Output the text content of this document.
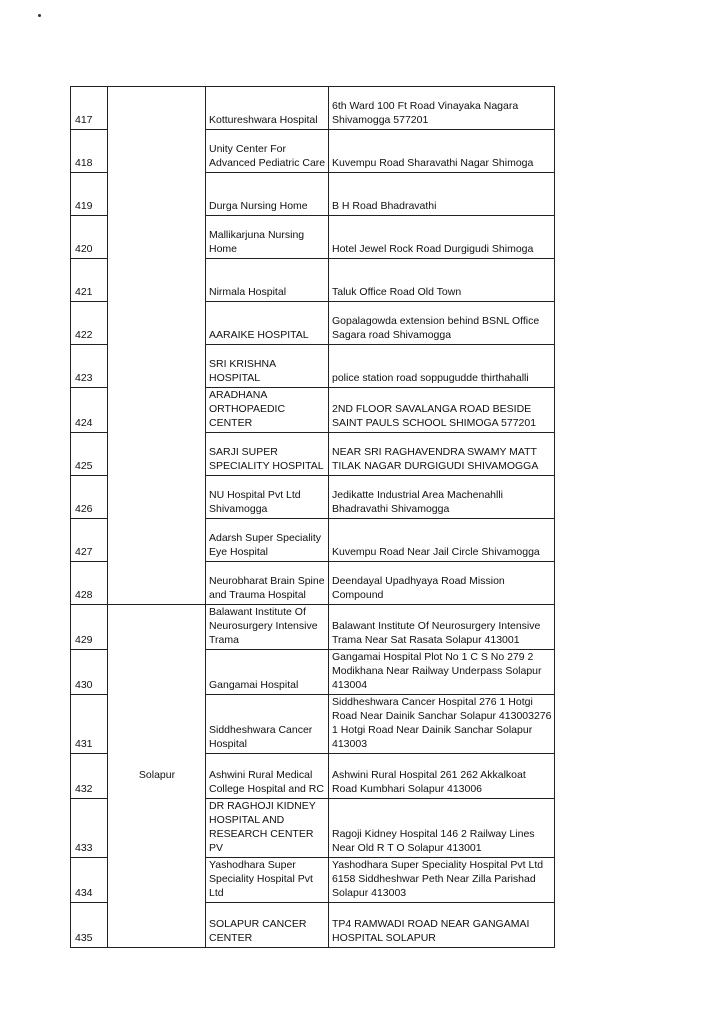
417		Kottureshwara Hospital	6th Ward 100 Ft Road Vinayaka Nagara Shivamogga 577201
418		Unity Center For Advanced Pediatric Care	Kuvempu Road Sharavathi Nagar Shimoga
419		Durga Nursing Home	B H Road Bhadravathi
420		Mallikarjuna Nursing Home	Hotel Jewel Rock Road Durgigudi Shimoga
421		Nirmala Hospital	Taluk Office Road Old Town
422		AARAIKE HOSPITAL	Gopalagowda extension behind BSNL Office Sagara road Shivamogga
423		SRI KRISHNA HOSPITAL	police station road soppugudde thirthahalli
424		ARADHANA ORTHOPAEDIC CENTER	2ND FLOOR SAVALANGA ROAD BESIDE SAINT PAULS SCHOOL SHIMOGA 577201
425		SARJI SUPER SPECIALITY HOSPITAL	NEAR SRI RAGHAVENDRA SWAMY MATT TILAK NAGAR DURGIGUDI SHIVAMOGGA
426		NU Hospital Pvt Ltd Shivamogga	Jedikatte Industrial Area Machenahlli Bhadravathi Shivamogga
427		Adarsh Super Speciality Eye Hospital	Kuvempu Road Near Jail Circle Shivamogga
428		Neurobharat Brain Spine and Trauma Hospital	Deendayal Upadhyaya Road Mission Compound
429	Solapur	Balawant Institute Of Neurosurgery Intensive Trama	Balawant Institute Of Neurosurgery Intensive Trama Near Sat Rasata Solapur 413001
430		Gangamai Hospital	Gangamai Hospital Plot No 1 C S No 279 2 Modikhana Near Railway Underpass Solapur 413004
431		Siddheshwara Cancer Hospital	Siddheshwara Cancer Hospital 276 1 Hotgi Road Near Dainik Sanchar Solapur 413003276 1 Hotgi Road Near Dainik Sanchar Solapur 413003
432		Ashwini Rural Medical College Hospital and RC	Ashwini Rural Hospital 261 262 Akkalkoat Road Kumbhari Solapur 413006
433		DR RAGHOJI KIDNEY HOSPITAL AND RESEARCH CENTER PV	Ragoji Kidney Hospital 146 2 Railway Lines Near Old R T O Solapur 413001
434		Yashodhara Super Speciality Hospital Pvt Ltd	Yashodhara Super Speciality Hospital Pvt Ltd 6158 Siddheshwar Peth Near Zilla Parishad Solapur 413003
435		SOLAPUR CANCER CENTER	TP4 RAMWADI ROAD NEAR GANGAMAI HOSPITAL SOLAPUR
